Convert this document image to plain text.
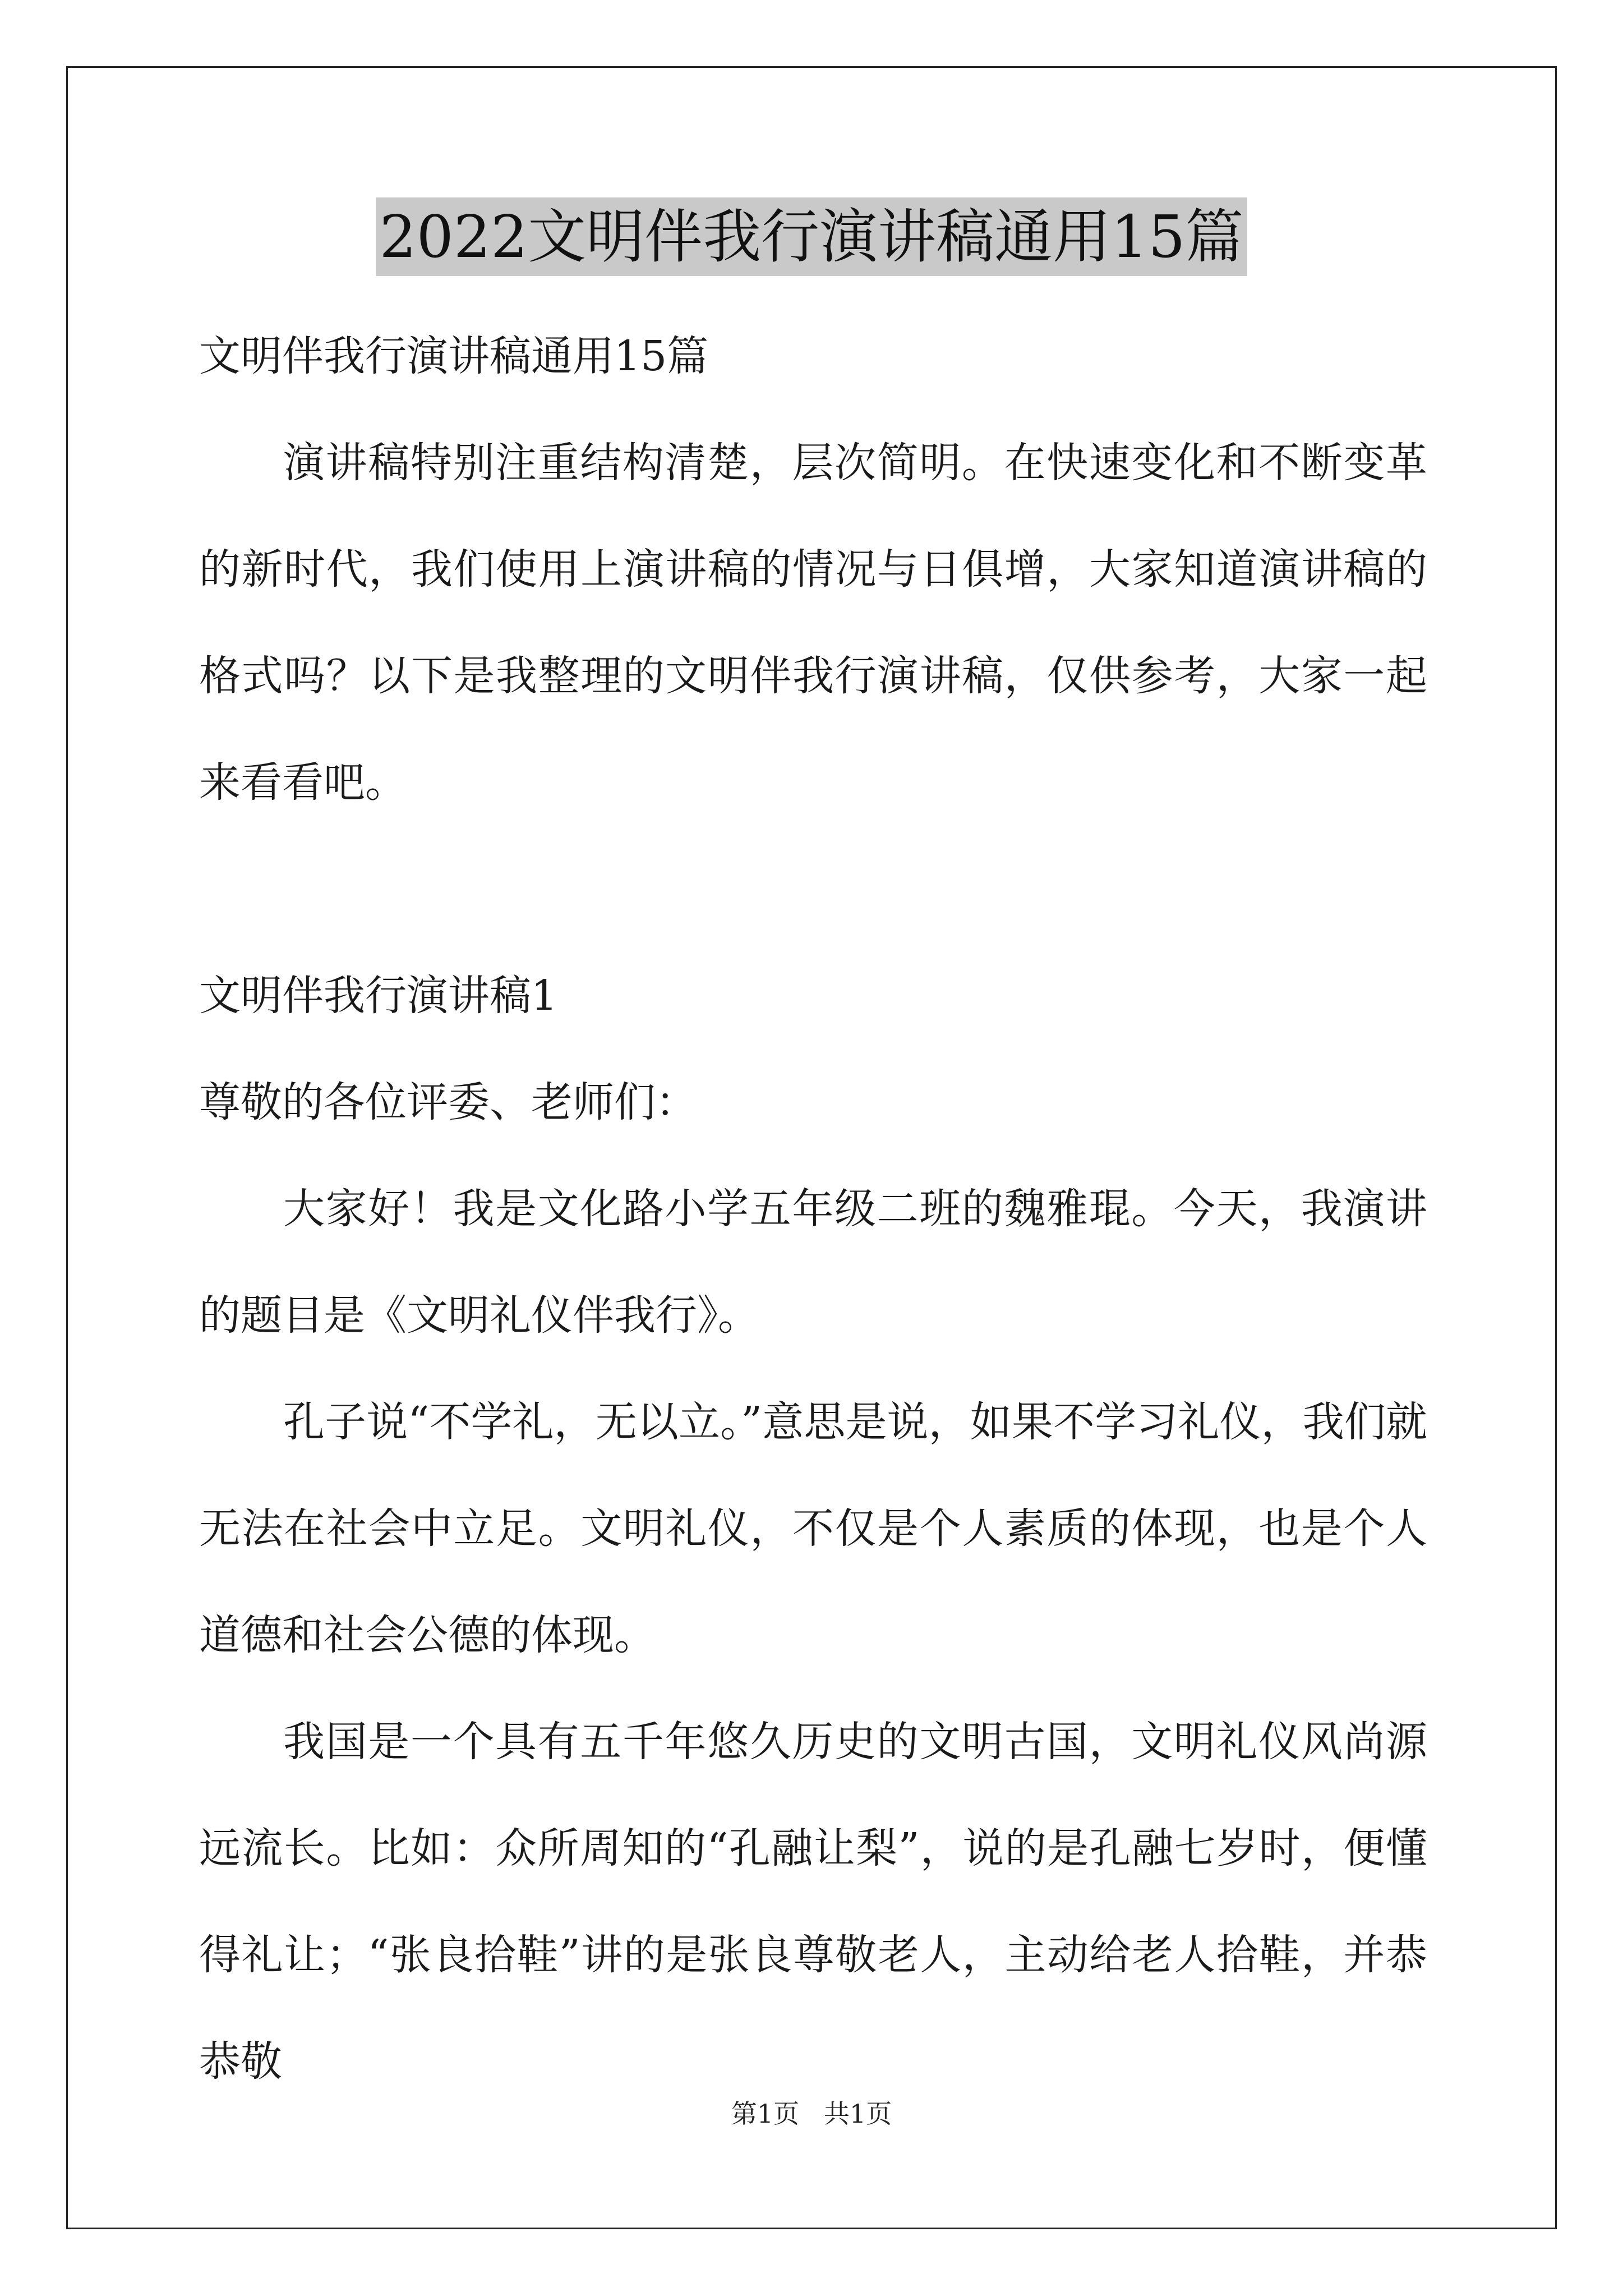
2022文明伴我行演讲稿通用15篇

文明伴我行演讲稿通用15篇

演讲稿特别注重结构清楚，层次简明。在快速变化和不断变革的新时代，我们使用上演讲稿的情况与日俱增，大家知道演讲稿的格式吗？以下是我整理的文明伴我行演讲稿，仅供参考，大家一起来看看吧。

文明伴我行演讲稿1

尊敬的各位评委、老师们：

大家好！我是文化路小学五年级二班的魏雅琨。今天，我演讲的题目是《文明礼仪伴我行》。

孔子说“不学礼，无以立。”意思是说，如果不学习礼仪，我们就无法在社会中立足。文明礼仪，不仅是个人素质的体现，也是个人道德和社会公德的体现。

我国是一个具有五千年悠久历史的文明古国，文明礼仪风尚源远流长。比如：众所周知的“孔融让梨”，说的是孔融七岁时，便懂得礼让；“张良拾鞋”讲的是张良尊敬老人，主动给老人拾鞋，并恭恭敬

第1页   共1页
